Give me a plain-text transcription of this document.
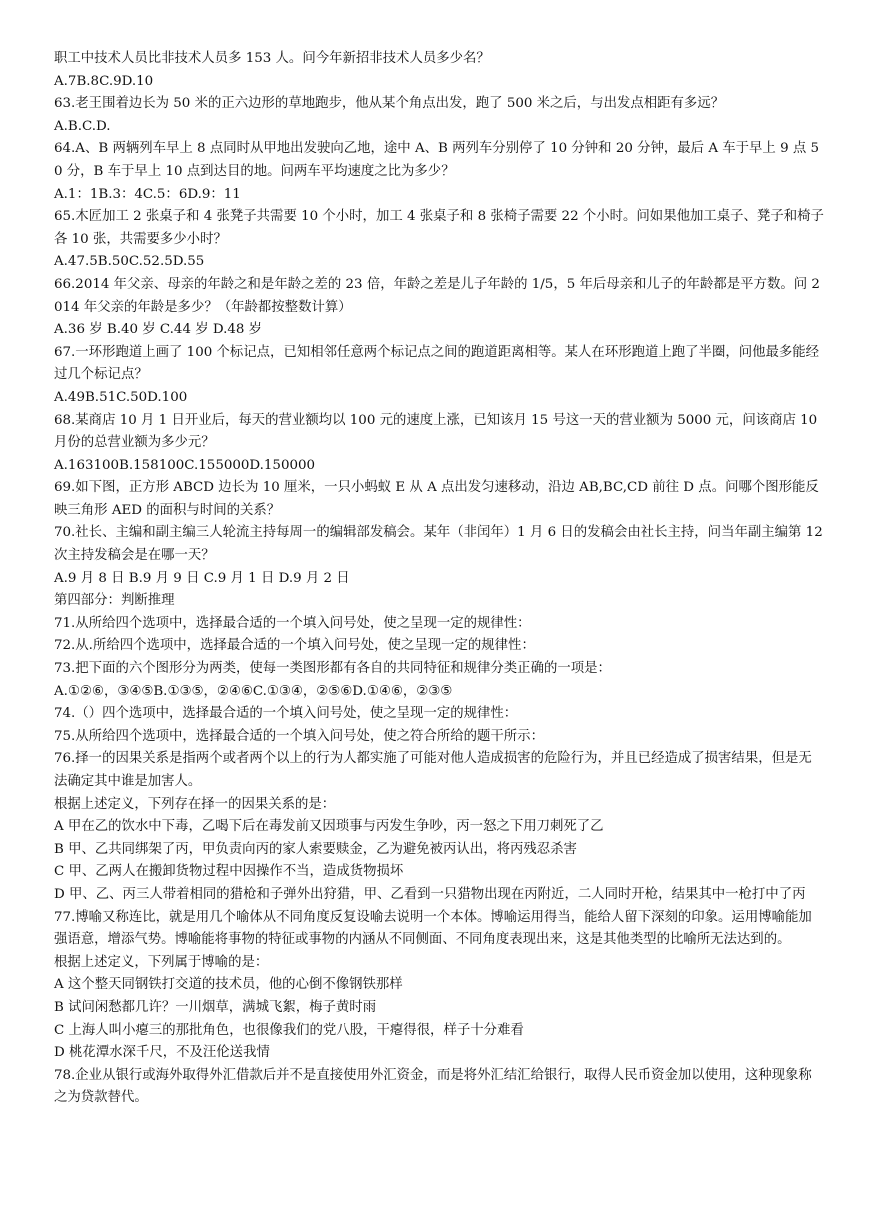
职工中技术人员比非技术人员多 153 人。问今年新招非技术人员多少名？

A.7B.8C.9D.10

63.老王围着边长为 50 米的正六边形的草地跑步，他从某个角点出发，跑了 500 米之后，与出发点相距有多远？

A.B.C.D.

64.A、B 两辆列车早上 8 点同时从甲地出发驶向乙地，途中 A、B 两列车分别停了 10 分钟和 20 分钟，最后 A 车于早上 9 点 50 分，B 车于早上 10 点到达目的地。问两车平均速度之比为多少？

A.1：1B.3：4C.5：6D.9：11

65.木匠加工 2 张桌子和 4 张凳子共需要 10 个小时，加工 4 张桌子和 8 张椅子需要 22 个小时。问如果他加工桌子、凳子和椅子各 10 张，共需要多少小时？

A.47.5B.50C.52.5D.55

66.2014 年父亲、母亲的年龄之和是年龄之差的 23 倍，年龄之差是儿子年龄的 1/5，5 年后母亲和儿子的年龄都是平方数。问 2014 年父亲的年龄是多少？（年龄都按整数计算）

A.36 岁 B.40 岁 C.44 岁 D.48 岁

67.一环形跑道上画了 100 个标记点，已知相邻任意两个标记点之间的跑道距离相等。某人在环形跑道上跑了半圈，问他最多能经过几个标记点？

A.49B.51C.50D.100

68.某商店 10 月 1 日开业后，每天的营业额均以 100 元的速度上涨，已知该月 15 号这一天的营业额为 5000 元，问该商店 10 月份的总营业额为多少元？

A.163100B.158100C.155000D.150000

69.如下图，正方形 ABCD 边长为 10 厘米，一只小蚂蚁 E 从 A 点出发匀速移动，沿边 AB,BC,CD 前往 D 点。问哪个图形能反映三角形 AED 的面积与时间的关系？

70.社长、主编和副主编三人轮流主持每周一的编辑部发稿会。某年（非闰年）1 月 6 日的发稿会由社长主持，问当年副主编第 12 次主持发稿会是在哪一天？

A.9 月 8 日 B.9 月 9 日 C.9 月 1 日 D.9 月 2 日

第四部分：判断推理

71.从所给四个选项中，选择最合适的一个填入问号处，使之呈现一定的规律性：

72.从.所给四个选项中，选择最合适的一个填入问号处，使之呈现一定的规律性：

73.把下面的六个图形分为两类，使每一类图形都有各自的共同特征和规律分类正确的一项是：

A.①②⑥，③④⑤B.①③⑤，②④⑥C.①③④，②⑤⑥D.①④⑥，②③⑤

74.（）四个选项中，选择最合适的一个填入问号处，使之呈现一定的规律性：

75.从所给四个选项中，选择最合适的一个填入问号处，使之符合所给的题干所示：

76.择一的因果关系是指两个或者两个以上的行为人都实施了可能对他人造成损害的危险行为，并且已经造成了损害结果，但是无法确定其中谁是加害人。

根据上述定义，下列存在择一的因果关系的是：

A 甲在乙的饮水中下毒，乙喝下后在毒发前又因琐事与丙发生争吵，丙一怒之下用刀刺死了乙

B 甲、乙共同绑架了丙，甲负责向丙的家人索要赎金，乙为避免被丙认出，将丙残忍杀害

C 甲、乙两人在搬卸货物过程中因操作不当，造成货物损坏

D 甲、乙、丙三人带着相同的猎枪和子弹外出狩猎，甲、乙看到一只猎物出现在丙附近，二人同时开枪，结果其中一枪打中了丙

77.博喻又称连比，就是用几个喻体从不同角度反复设喻去说明一个本体。博喻运用得当，能给人留下深刻的印象。运用博喻能加强语意，增添气势。博喻能将事物的特征或事物的内涵从不同侧面、不同角度表现出来，这是其他类型的比喻所无法达到的。

根据上述定义，下列属于博喻的是：

A 这个整天同钢铁打交道的技术员，他的心倒不像钢铁那样

B 试问闲愁都几许？一川烟草，满城飞絮，梅子黄时雨

C 上海人叫小瘪三的那批角色，也很像我们的党八股，干瘪得很，样子十分难看

D 桃花潭水深千尺，不及汪伦送我情

78.企业从银行或海外取得外汇借款后并不是直接使用外汇资金，而是将外汇结汇给银行，取得人民币资金加以使用，这种现象称之为贷款替代。
